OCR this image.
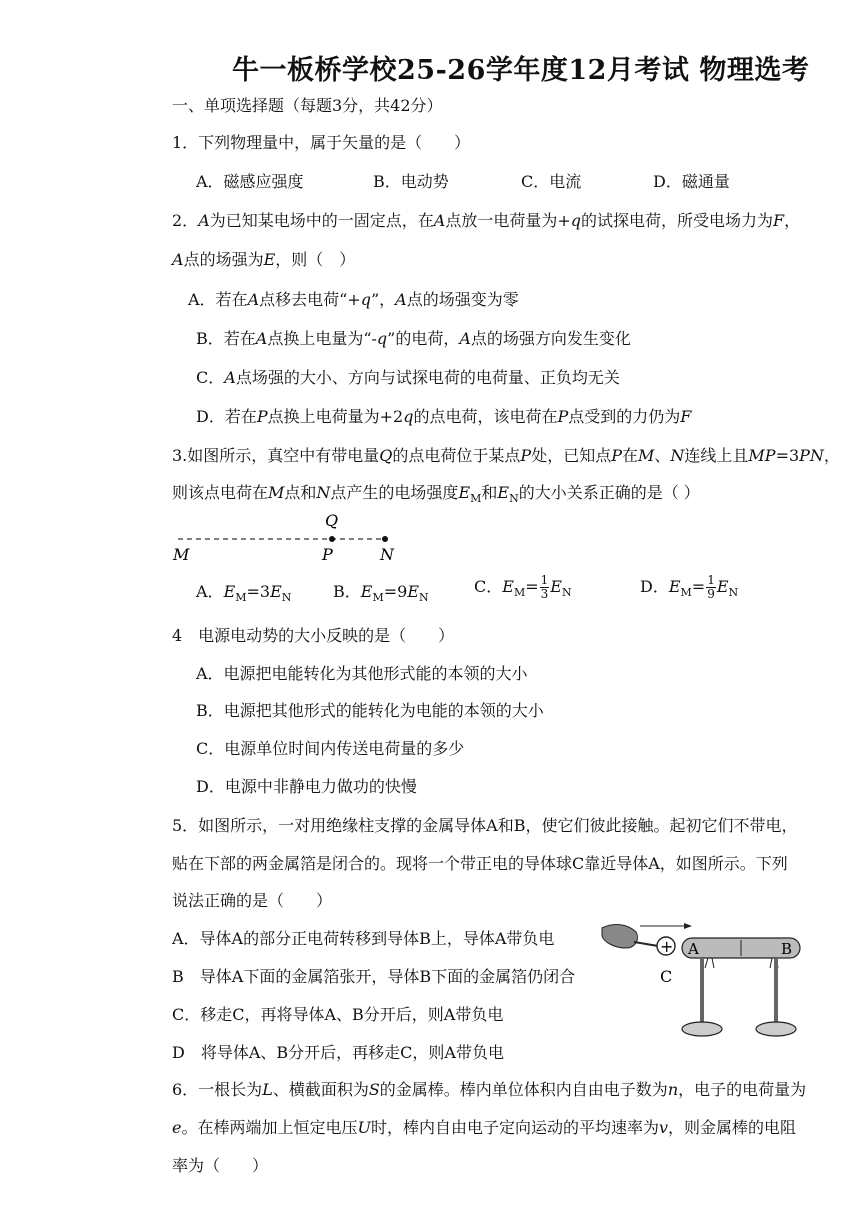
牛一板桥学校25-26学年度12月考试 物理选考
一、单项选择题（每题3分，共42分）
1．下列物理量中，属于矢量的是（　　）
A．磁感应强度	B．电动势	C．电流	D．磁通量
2．A为已知某电场中的一固定点，在A点放一电荷量为+q的试探电荷，所受电场力为F，
A点的场强为E，则（　）
A．若在A点移去电荷“+q”，A点的场强变为零
B．若在A点换上电量为“-q”的电荷，A点的场强方向发生变化
C．A点场强的大小、方向与试探电荷的电荷量、正负均无关
D．若在P点换上电荷量为+2q的点电荷，该电荷在P点受到的力仍为F
3.如图所示，真空中有带电量Q的点电荷位于某点P处，已知点P在M、N连线上且MP=3PN，
则该点电荷在M点和N点产生的电场强度$E_M$和$E_N$的大小关系正确的是（ ）
Q
M	P	N
A．$E_M=3E_N$	B．$E_M=9E_N$
C．$E_M= \frac{1}{3} E_N$	D．$E_M= \frac{1}{9} E_N$
4　电源电动势的大小反映的是（　　）
A．电源把电能转化为其他形式能的本领的大小
B．电源把其他形式的能转化为电能的本领的大小
C．电源单位时间内传送电荷量的多少
D．电源中非静电力做功的快慢
5．如图所示，一对用绝缘柱支撑的金属导体A和B，使它们彼此接触。起初它们不带电，
贴在下部的两金属箔是闭合的。现将一个带正电的导体球C靠近导体A，如图所示。下列
说法正确的是（　　）
A．导体A的部分正电荷转移到导体B上，导体A带负电
B　导体A下面的金属箔张开，导体B下面的金属箔仍闭合
C．移走C，再将导体A、B分开后，则A带负电
D　将导体A、B分开后，再移走C，则A带负电
+
C
A	B
6．一根长为L、横截面积为S的金属棒。棒内单位体积内自由电子数为n，电子的电荷量为
e。在棒两端加上恒定电压U时，棒内自由电子定向运动的平均速率为v，则金属棒的电阻
率为（　　）
